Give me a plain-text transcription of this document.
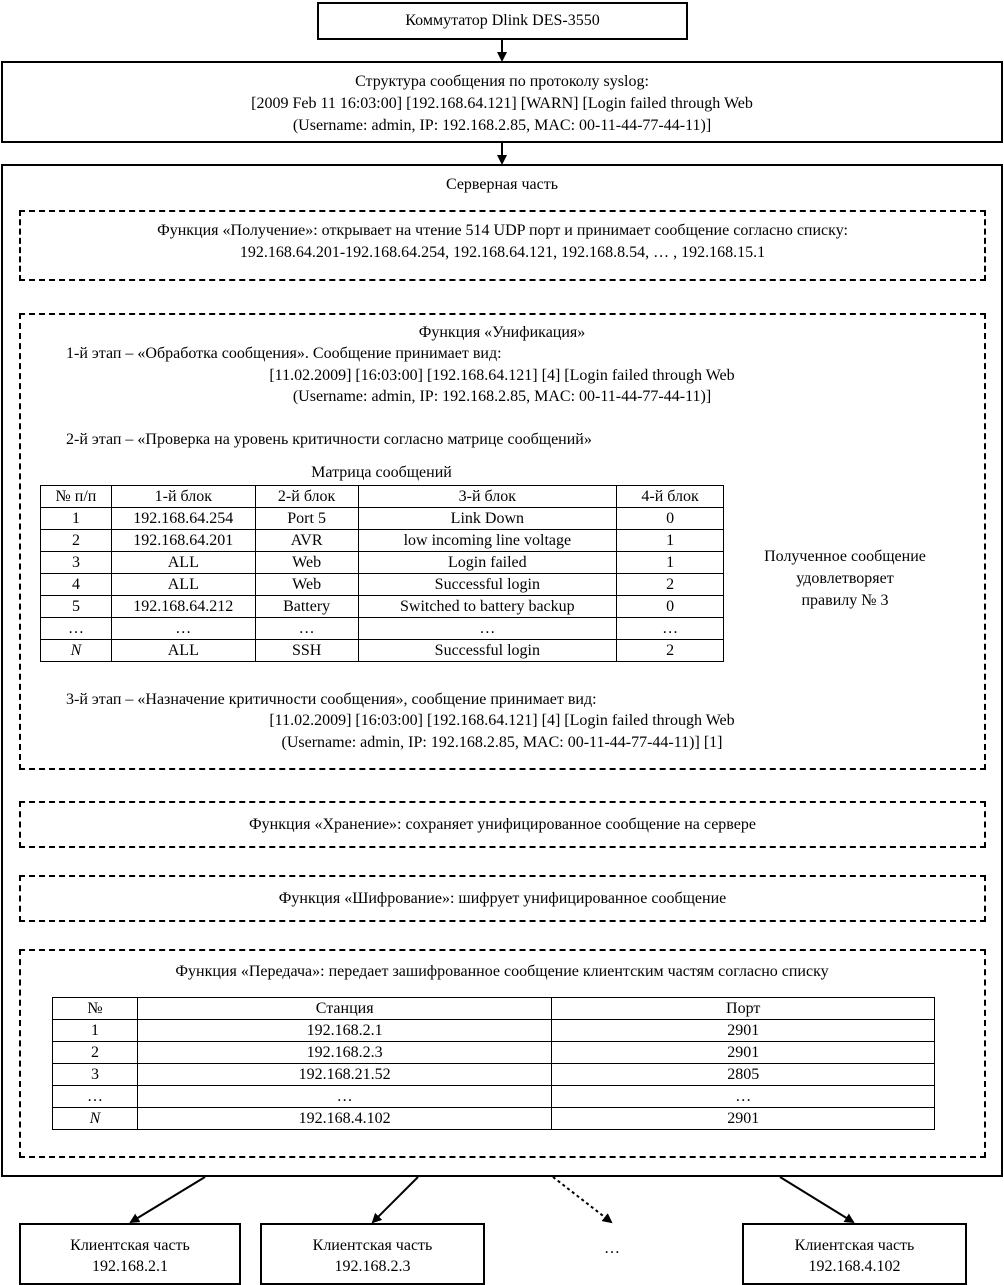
Коммутатор Dlink DES-3550
Структура сообщения по протоколу syslog:
[2009 Feb 11 16:03:00] [192.168.64.121] [WARN] [Login failed through Web
(Username: admin, IP: 192.168.2.85, MAC: 00-11-44-77-44-11)]
Серверная часть
Функция «Получение»: открывает на чтение 514 UDP порт и принимает сообщение согласно списку:
192.168.64.201-192.168.64.254, 192.168.64.121, 192.168.8.54, … , 192.168.15.1
Функция «Унификация»
1-й этап – «Обработка сообщения». Сообщение принимает вид:
[11.02.2009] [16:03:00] [192.168.64.121] [4] [Login failed through Web
(Username: admin, IP: 192.168.2.85, MAC: 00-11-44-77-44-11)]
2-й этап – «Проверка на уровень критичности согласно матрице сообщений»
Матрица сообщений
№ п/п	1-й блок	2-й блок	3-й блок	4-й блок
1	192.168.64.254	Port 5	Link Down	0
2	192.168.64.201	AVR	low incoming line voltage	1
3	ALL	Web	Login failed	1
4	ALL	Web	Successful login	2
5	192.168.64.212	Battery	Switched to battery backup	0
…	…	…	…	…
N	ALL	SSH	Successful login	2
Полученное сообщение
удовлетворяет
правилу № 3
3-й этап – «Назначение критичности сообщения», сообщение принимает вид:
[11.02.2009] [16:03:00] [192.168.64.121] [4] [Login failed through Web
(Username: admin, IP: 192.168.2.85, MAC: 00-11-44-77-44-11)] [1]
Функция «Хранение»: сохраняет унифицированное сообщение на сервере
Функция «Шифрование»: шифрует унифицированное сообщение
Функция «Передача»: передает зашифрованное сообщение клиентским частям согласно списку
№	Станция	Порт
1	192.168.2.1	2901
2	192.168.2.3	2901
3	192.168.21.52	2805
…	…	…
N	192.168.4.102	2901
Клиентская часть
192.168.2.1
Клиентская часть
192.168.2.3
…	Клиентская часть
192.168.4.102
